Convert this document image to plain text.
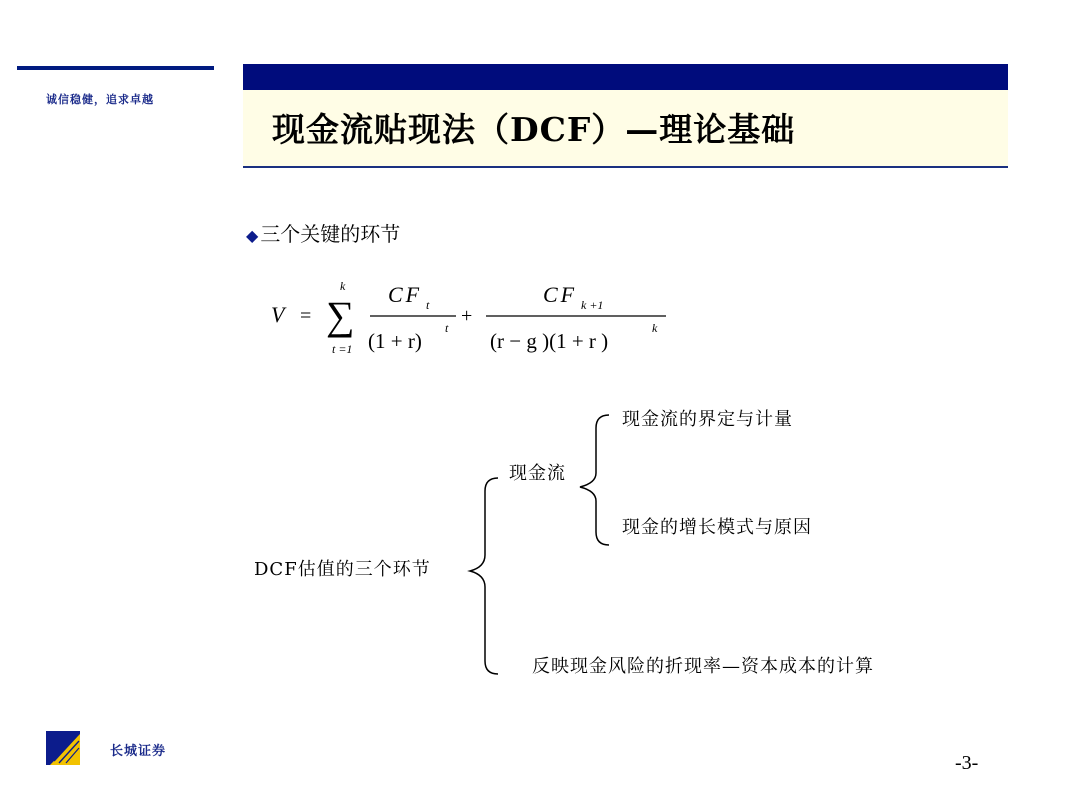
诚信稳健，追求卓越
现金流贴现法（DCF）—理论基础
◆ 三个关键的环节
V = ∑
k
t =1
CF t
(1 + r)
t
+
CF k +1
(r − g )(1 + r )
k
DCF估值的三个环节
现金流
现金流的界定与计量
现金的增长模式与原因
反映现金风险的折现率—资本成本的计算
长城证券
-3-
